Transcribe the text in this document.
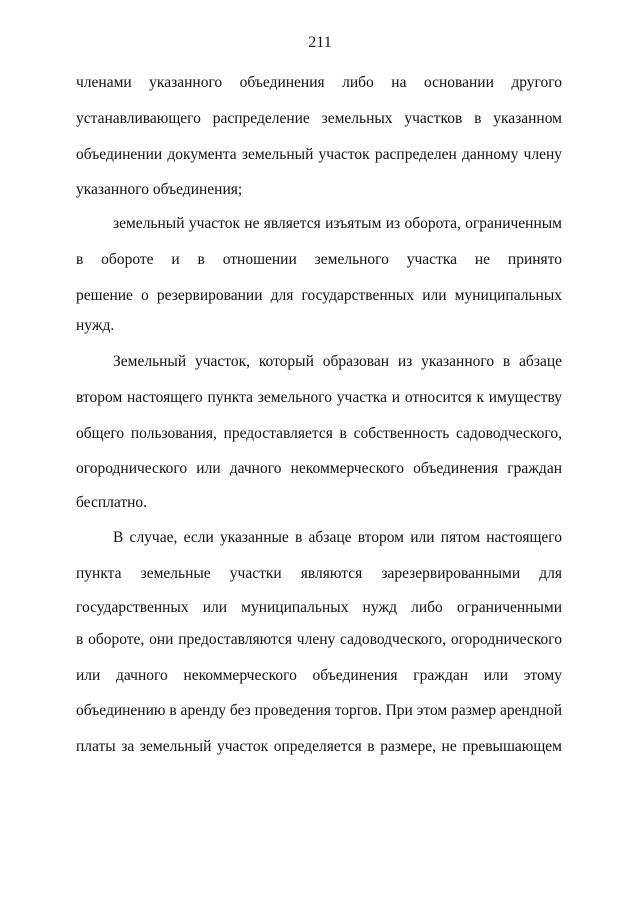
211
членами указанного объединения либо на основании другого
устанавливающего распределение земельных участков в указанном
объединении документа земельный участок распределен данному члену
указанного объединения;
земельный участок не является изъятым из оборота, ограниченным
в обороте и в отношении земельного участка не принято
решение о резервировании для государственных или муниципальных
нужд.
Земельный участок, который образован из указанного в абзаце
втором настоящего пункта земельного участка и относится к имуществу
общего пользования, предоставляется в собственность садоводческого,
огороднического или дачного некоммерческого объединения граждан
бесплатно.
В случае, если указанные в абзаце втором или пятом настоящего
пункта земельные участки являются зарезервированными для
государственных или муниципальных нужд либо ограниченными
в обороте, они предоставляются члену садоводческого, огороднического
или дачного некоммерческого объединения граждан или этому
объединению в аренду без проведения торгов. При этом размер арендной
платы за земельный участок определяется в размере, не превышающем
